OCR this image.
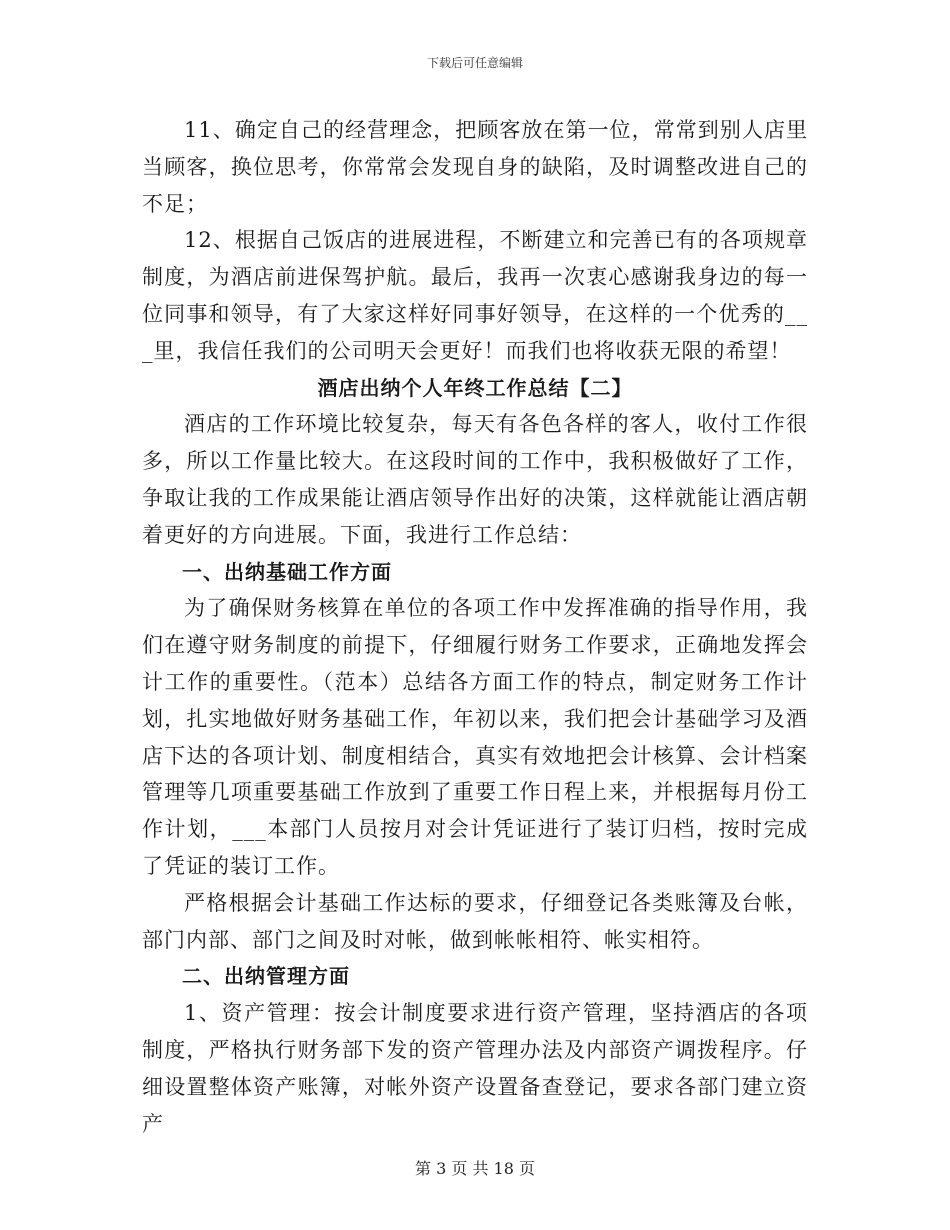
下载后可任意编辑

11、确定自己的经营理念，把顾客放在第一位，常常到别人店里当顾客，换位思考，你常常会发现自身的缺陷，及时调整改进自己的不足；

12、根据自己饭店的进展进程，不断建立和完善已有的各项规章制度，为酒店前进保驾护航。最后，我再一次衷心感谢我身边的每一位同事和领导，有了大家这样好同事好领导，在这样的一个优秀的___里，我信任我们的公司明天会更好！而我们也将收获无限的希望！

酒店出纳个人年终工作总结【二】

酒店的工作环境比较复杂，每天有各色各样的客人，收付工作很多，所以工作量比较大。在这段时间的工作中，我积极做好了工作，争取让我的工作成果能让酒店领导作出好的决策，这样就能让酒店朝着更好的方向进展。下面，我进行工作总结：

一、出纳基础工作方面

为了确保财务核算在单位的各项工作中发挥准确的指导作用，我们在遵守财务制度的前提下，仔细履行财务工作要求，正确地发挥会计工作的重要性。（范本）总结各方面工作的特点，制定财务工作计划，扎实地做好财务基础工作，年初以来，我们把会计基础学习及酒店下达的各项计划、制度相结合，真实有效地把会计核算、会计档案管理等几项重要基础工作放到了重要工作日程上来，并根据每月份工作计划，___本部门人员按月对会计凭证进行了装订归档，按时完成了凭证的装订工作。

严格根据会计基础工作达标的要求，仔细登记各类账簿及台帐，部门内部、部门之间及时对帐，做到帐帐相符、帐实相符。

二、出纳管理方面

1、资产管理：按会计制度要求进行资产管理，坚持酒店的各项制度，严格执行财务部下发的资产管理办法及内部资产调拨程序。仔细设置整体资产账簿，对帐外资产设置备查登记，要求各部门建立资产

第 3 页 共 18 页
